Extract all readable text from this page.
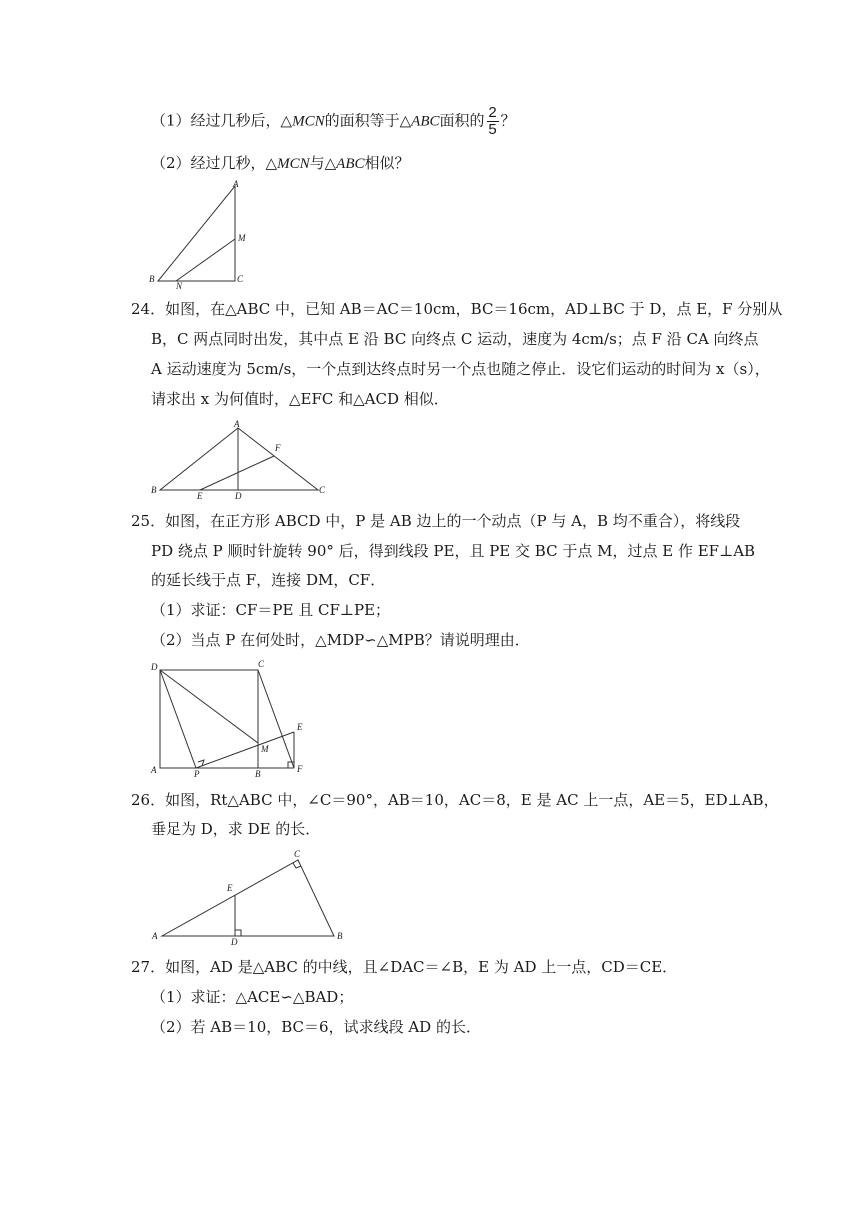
（1）经过几秒后，△MCN的面积等于△ABC面积的 $\frac{2}{5}$ ？
（2）经过几秒，△MCN与△ABC相似？
A
M
B
N
C
24．如图，在△ABC 中，已知 AB＝AC＝10cm，BC＝16cm，AD⊥BC 于 D，点 E，F 分别从
B，C 两点同时出发，其中点 E 沿 BC 向终点 C 运动，速度为 4cm/s；点 F 沿 CA 向终点
A 运动速度为 5cm/s，一个点到达终点时另一个点也随之停止．设它们运动的时间为 x（s），
请求出 x 为何值时，△EFC 和△ACD 相似．
A
F
B
E	D
C
25．如图，在正方形 ABCD 中，P 是 AB 边上的一个动点（P 与 A，B 均不重合），将线段
PD 绕点 P 顺时针旋转 90° 后，得到线段 PE，且 PE 交 BC 于点 M，过点 E 作 EF⊥AB
的延长线于点 F，连接 DM，CF．
（1）求证：CF＝PE 且 CF⊥PE；
（2）当点 P 在何处时，△MDP∽△MPB？请说明理由．
D	C
E
M
A	P	B	F
26．如图，Rt△ABC 中，∠C＝90°，AB＝10，AC＝8，E 是 AC 上一点，AE＝5，ED⊥AB，
垂足为 D，求 DE 的长．
C
E
A
D
B
27．如图，AD 是△ABC 的中线，且∠DAC＝∠B，E 为 AD 上一点，CD＝CE．
（1）求证：△ACE∽△BAD；
（2）若 AB＝10，BC＝6，试求线段 AD 的长．
